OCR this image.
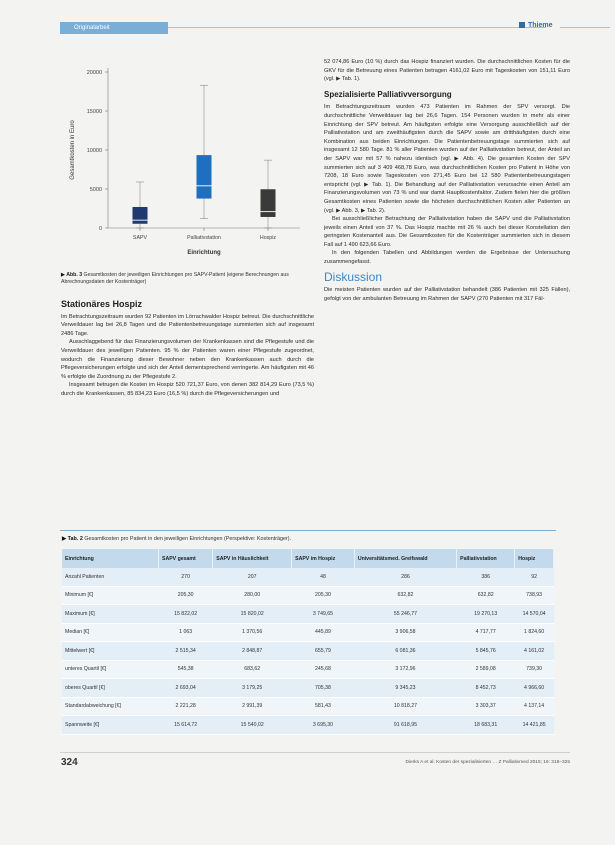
Originalarbeit	Thieme
0
5000
10000
15000
20000
Gesamtkosten in Euro
Einrichtung
SAPV	Palliativstation	Hospiz
▶ Abb. 3 Gesamtkosten der jeweiligen Einrichtungen pro SAPV-Patient (eigene Berechnungen aus Abrechnungsdaten der Kostenträger)
Stationäres Hospiz

Im Betrachtungszeitraum wurden 92 Patienten im Lörrachwalder Hospiz betreut. Die durchschnittliche Verweildauer lag bei 26,8 Tagen und die Patientenbetreuungstage summierten sich auf insgesamt 2486 Tage.

Ausschlaggebend für das Finanzierungsvolumen der Krankenkassen sind die Pflegestufe und die Verweildauer des jeweiligen Patienten. 95 % der Patienten waren einer Pflegestufe zugeordnet, wodurch die Finanzierung dieser Bewohner neben den Krankenkassen auch durch die Pflegeversicherungen erfolgte und sich der Anteil dementsprechend verringerte. Am häufigsten mit 46 % erfolgte die Zuordnung zu der Pflegestufe 2.

Insgesamt betrugen die Kosten im Hospiz 520 721,37 Euro, von denen 382 814,29 Euro (73,5 %) durch die Krankenkassen, 85 834,23 Euro (16,5 %) durch die Pflegeversicherungen und

52 074,86 Euro (10 %) durch das Hospiz finanziert wurden. Die durchschnittlichen Kosten für die GKV für die Betreuung eines Patienten betragen 4161,02 Euro mit Tageskosten von 151,11 Euro (vgl. ▶ Tab. 1).

Spezialisierte Palliativversorgung

Im Betrachtungszeitraum wurden 473 Patienten im Rahmen der SPV versorgt. Die durchschnittliche Verweildauer lag bei 26,6 Tagen. 154 Personen wurden in mehr als einer Einrichtung der SPV betreut. Am häufigsten erfolgte eine Versorgung ausschließlich auf der Palliativstation und am zweithäufigsten durch die SAPV sowie am dritthäufigsten durch eine Kombination aus beiden Einrichtungen. Die Patientenbetreuungstage summierten sich auf insgesamt 12 580 Tage. 81 % aller Patienten wurden auf der Palliativstation betreut, der Anteil an der SAPV war mit 57 % nahezu identisch (vgl. ▶ Abb. 4). Die gesamten Kosten der SPV summierten sich auf 3 409 468,78 Euro, was durchschnittlichen Kosten pro Patient in Höhe von 7208, 18 Euro sowie Tageskosten von 271,45 Euro bei 12 580 Patientenbetreuungstagen entspricht (vgl. ▶ Tab. 1). Die Behandlung auf der Palliativstation verursachte einen Anteil am Finanzierungsvolumen von 73 % und war damit Hauptkostenfaktor. Zudem fielen hier die größten Gesamtkosten eines Patienten sowie die höchsten durchschnittlichen Kosten aller Patienten an (vgl. ▶ Abb. 3, ▶ Tab. 2).

Bei ausschließlicher Betrachtung der Palliativstation haben die SAPV und die Palliativstation jeweils einen Anteil von 37 %. Das Hospiz machte mit 26 % auch bei dieser Konstellation den geringsten Kostenanteil aus. Die Gesamtkosten für die Kostenträger summierten sich in diesem Fall auf 1 490 623,66 Euro.

In den folgenden Tabellen und Abbildungen werden die Ergebnisse der Untersuchung zusammengefasst.

Diskussion

Die meisten Patienten wurden auf der Palliativstation behandelt (386 Patienten mit 325 Fällen), gefolgt von der ambulanten Betreuung im Rahmen der SAPV (270 Patienten mit 317 Fäl-

▶ Tab. 2 Gesamtkosten pro Patient in den jeweiligen Einrichtungen (Perspektive: Kostenträger).
Einrichtung	SAPV gesamt	SAPV in Häuslichkeit	SAPV im Hospiz	Universitätsmed. Greifswald	Palliativstation	Hospiz
Anzahl Patienten	270	207	48	286	386	92
Minimum [€]	205,30	280,00	205,30	632,82	632,82	738,93
Maximum [€]	15 822,02	15 820,02	3 749,65	55 246,77	19 270,13	14 570,04
Median [€]	1 063	1 370,56	445,89	3 906,58	4 717,77	1 824,60
Mittelwert [€]	2 515,34	2 848,87	655,79	6 081,36	5 845,76	4 161,02
unteres Quartil [€]	545,38	683,62	245,68	3 172,96	2 589,08	739,30
oberes Quartil [€]	2 693,04	3 179,25	705,38	9 345,23	8 452,73	4 966,60
Standardabweichung [€]	2 221,28	2 991,39	581,43	10 818,27	3 303,37	4 137,14
Spannweite [€]	15 614,72	15 540,02	3 695,30	91 618,95	18 683,31	14 421,85
324	Dierks A et al. Kosten der spezialisierten … Z Palliativmed 2015; 16: 318–325
